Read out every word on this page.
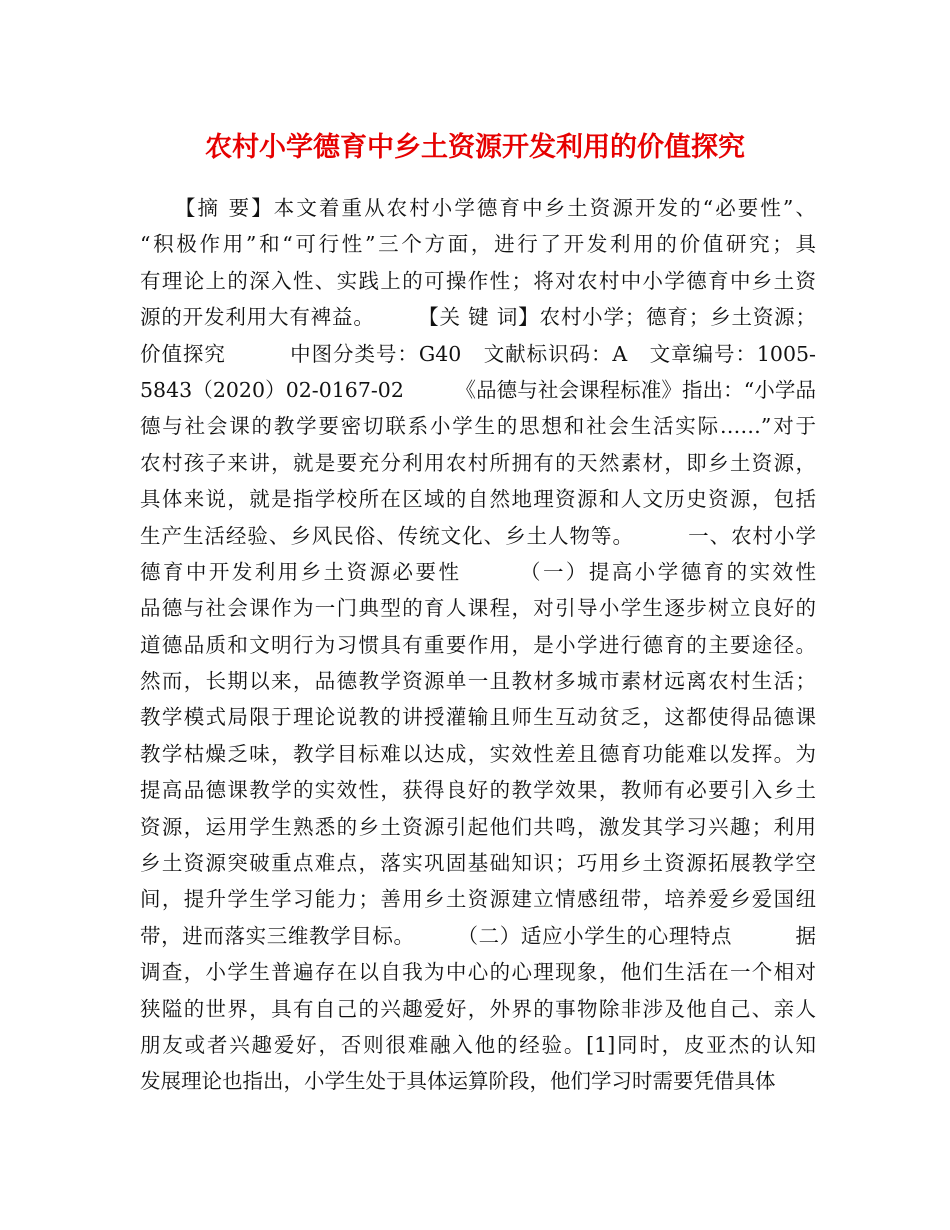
农村小学德育中乡土资源开发利用的价值探究
　　【摘 要】本文着重从农村小学德育中乡土资源开发的“必要性”、
“积极作用”和“可行性”三个方面，进行了开发利用的价值研究；具
有理论上的深入性、实践上的可操作性；将对农村中小学德育中乡土资
源的开发利用大有裨益。　　　【关 键 词】农村小学；德育；乡土资源；
价值探究　　　中图分类号：G40　文献标识码：A　文章编号：1005-
5843（2020）02-0167-02　　　《品德与社会课程标准》指出：“小学品
德与社会课的教学要密切联系小学生的思想和社会生活实际……”对于
农村孩子来讲，就是要充分利用农村所拥有的天然素材，即乡土资源，
具体来说，就是指学校所在区域的自然地理资源和人文历史资源，包括
生产生活经验、乡风民俗、传统文化、乡土人物等。　　　一、农村小学
德育中开发利用乡土资源必要性　　　（一）提高小学德育的实效性
品德与社会课作为一门典型的育人课程，对引导小学生逐步树立良好的
道德品质和文明行为习惯具有重要作用，是小学进行德育的主要途径。
然而，长期以来，品德教学资源单一且教材多城市素材远离农村生活；
教学模式局限于理论说教的讲授灌输且师生互动贫乏，这都使得品德课
教学枯燥乏味，教学目标难以达成，实效性差且德育功能难以发挥。为
提高品德课教学的实效性，获得良好的教学效果，教师有必要引入乡土
资源，运用学生熟悉的乡土资源引起他们共鸣，激发其学习兴趣；利用
乡土资源突破重点难点，落实巩固基础知识；巧用乡土资源拓展教学空
间，提升学生学习能力；善用乡土资源建立情感纽带，培养爱乡爱国纽
带，进而落实三维教学目标。　　　（二）适应小学生的心理特点　　　据
调查，小学生普遍存在以自我为中心的心理现象，他们生活在一个相对
狭隘的世界，具有自己的兴趣爱好，外界的事物除非涉及他自己、亲人
朋友或者兴趣爱好，否则很难融入他的经验。[1]同时，皮亚杰的认知
发展理论也指出，小学生处于具体运算阶段，他们学习时需要凭借具体
